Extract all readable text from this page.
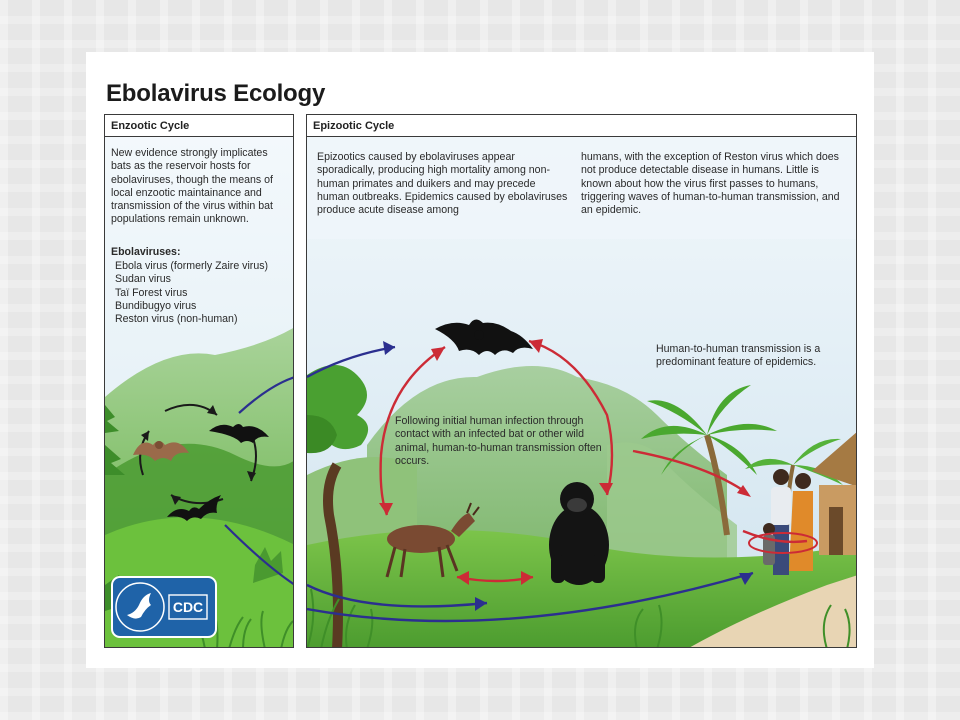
Ebolavirus Ecology
Enzootic Cycle
New evidence strongly implicates bats as the reservoir hosts for ebolaviruses, though the means of local enzootic maintainance and transmission of the virus within bat populations remain unknown.
Ebolaviruses:
Ebola virus (formerly Zaire virus)
Sudan virus
Taï Forest virus
Bundibugyo virus
Reston virus (non-human)
CDC
Epizootic Cycle
Epizootics caused by ebolaviruses appear sporadically, producing high mortality among non-human primates and duikers and may precede human outbreaks. Epidemics caused by ebolaviruses produce acute disease among
humans, with the exception of Reston virus which does not produce detectable disease in humans. Little is known about how the virus first passes to humans, triggering waves of human-to-human transmission, and an epidemic.
Human-to-human transmission is a predominant feature of epidemics.
Following initial human infection through contact with an infected bat or other wild animal, human-to-human transmission often occurs.
